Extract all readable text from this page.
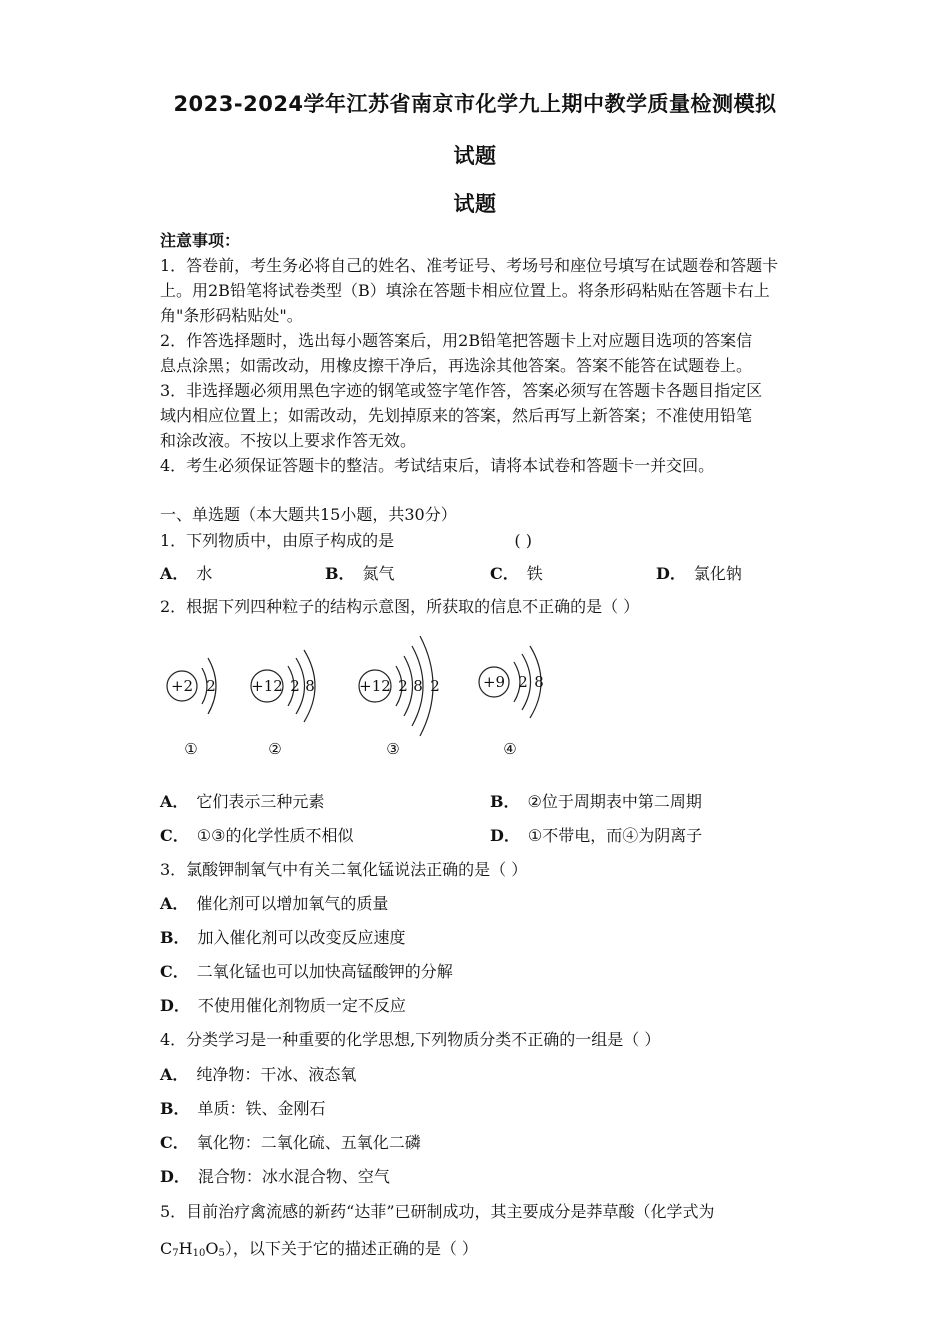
2023-2024学年江苏省南京市化学九上期中教学质量检测模拟
试题
试题
注意事项：
1．答卷前，考生务必将自己的姓名、准考证号、考场号和座位号填写在试题卷和答题卡
上。用2B铅笔将试卷类型（B）填涂在答题卡相应位置上。将条形码粘贴在答题卡右上
角"条形码粘贴处"。
2．作答选择题时，选出每小题答案后，用2B铅笔把答题卡上对应题目选项的答案信
息点涂黑；如需改动，用橡皮擦干净后，再选涂其他答案。答案不能答在试题卷上。
3．非选择题必须用黑色字迹的钢笔或签字笔作答，答案必须写在答题卡各题目指定区
域内相应位置上；如需改动，先划掉原来的答案，然后再写上新答案；不准使用铅笔
和涂改液。不按以上要求作答无效。
4．考生必须保证答题卡的整洁。考试结束后，请将本试卷和答题卡一并交回。
一、单选题（本大题共15小题，共30分）
1．下列物质中，由原子构成的是	( )
A． 水	B． 氮气	C． 铁	D． 氯化钠
2．根据下列四种粒子的结构示意图，所获取的信息不正确的是（ ）
+2 2 +12 2 8	+12 2 8 2	+9 2 8
①	②	③	④
A． 它们表示三种元素	B． ②位于周期表中第二周期
C． ①③的化学性质不相似	D． ①不带电，而④为阴离子
3．氯酸钾制氧气中有关二氧化锰说法正确的是（ ）
A． 催化剂可以增加氧气的质量
B． 加入催化剂可以改变反应速度
C． 二氧化锰也可以加快高锰酸钾的分解
D． 不使用催化剂物质一定不反应
4．分类学习是一种重要的化学思想,下列物质分类不正确的一组是（ ）
A． 纯净物：干冰、液态氧
B． 单质：铁、金刚石
C． 氧化物：二氧化硫、五氧化二磷
D． 混合物：冰水混合物、空气
5．目前治疗禽流感的新药“达菲”已研制成功，其主要成分是莽草酸（化学式为
$C_7H_{10}O_5$），以下关于它的描述正确的是（ ）
